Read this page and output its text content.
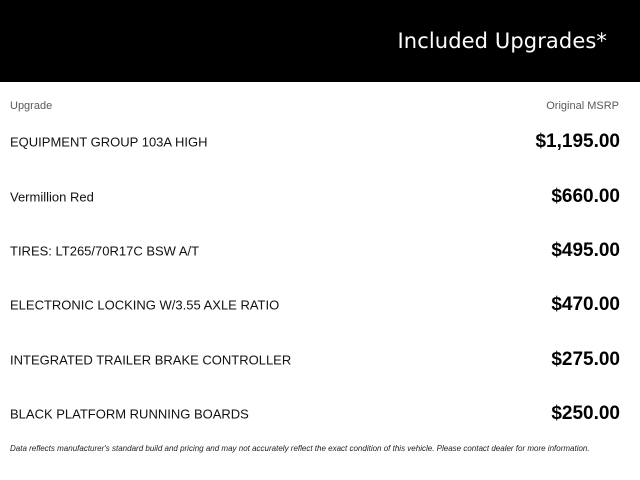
Included Upgrades*
Upgrade	Original MSRP
EQUIPMENT GROUP 103A HIGH	$1,195.00
Vermillion Red	$660.00
TIRES: LT265/70R17C BSW A/T	$495.00
ELECTRONIC LOCKING W/3.55 AXLE RATIO	$470.00
INTEGRATED TRAILER BRAKE CONTROLLER	$275.00
BLACK PLATFORM RUNNING BOARDS	$250.00
Data reflects manufacturer's standard build and pricing and may not accurately reflect the exact condition of this vehicle. Please contact dealer for more information.
